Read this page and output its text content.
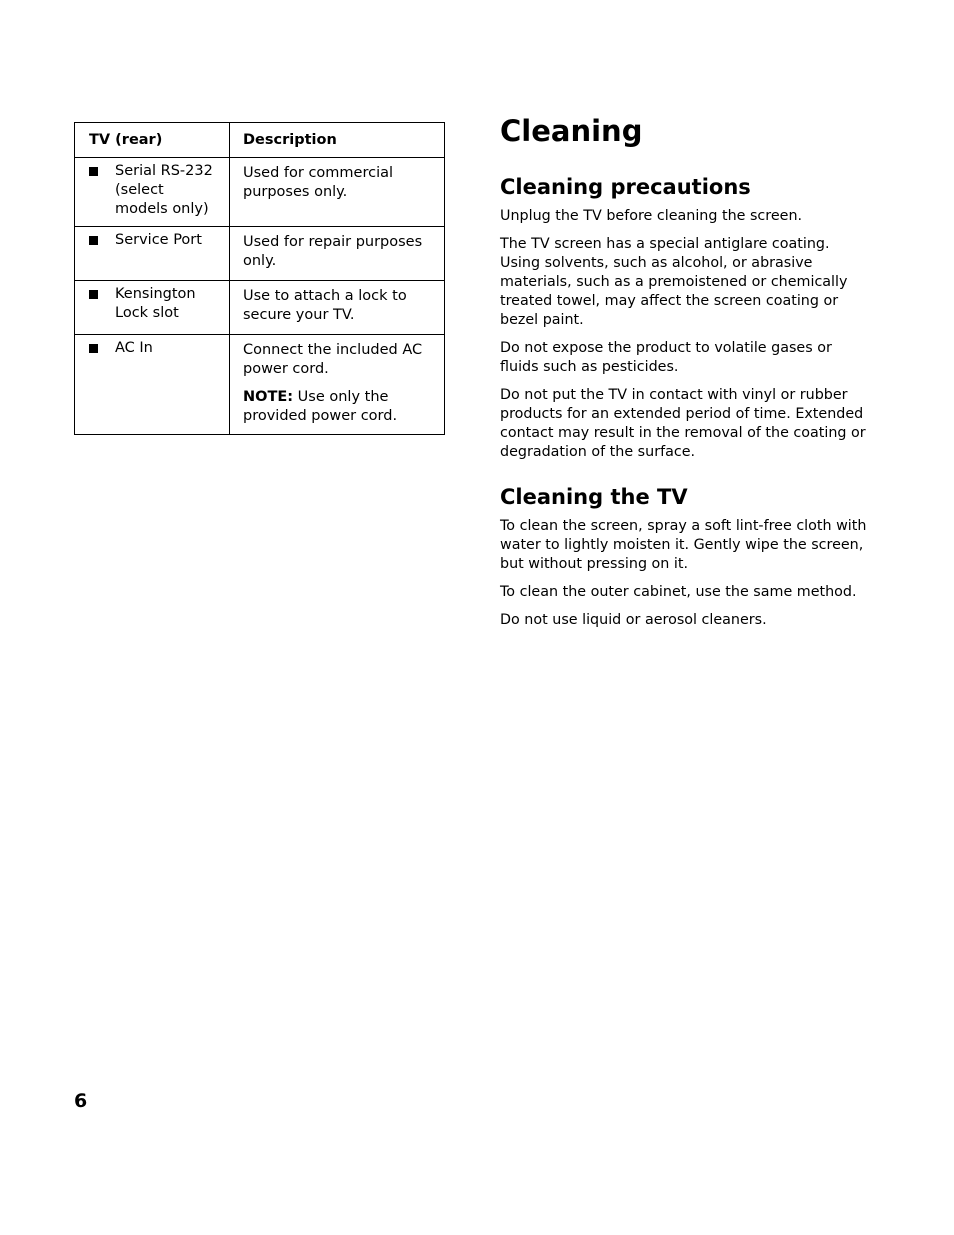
TV (rear)	Description

Serial RS-232 (select models only)	Used for commercial purposes only.

Service Port	Used for repair purposes only.

Kensington Lock slot	Use to attach a lock to secure your TV.

AC In	Connect the included AC power cord.
NOTE: Use only the provided power cord.
Cleaning
Cleaning precautions

Unplug the TV before cleaning the screen.

The TV screen has a special antiglare coating. Using solvents, such as alcohol, or abrasive materials, such as a premoistened or chemically treated towel, may affect the screen coating or bezel paint.

Do not expose the product to volatile gases or fluids such as pesticides.

Do not put the TV in contact with vinyl or rubber products for an extended period of time. Extended contact may result in the removal of the coating or degradation of the surface.

Cleaning the TV

To clean the screen, spray a soft lint-free cloth with water to lightly moisten it. Gently wipe the screen, but without pressing on it.

To clean the outer cabinet, use the same method.

Do not use liquid or aerosol cleaners.

6
